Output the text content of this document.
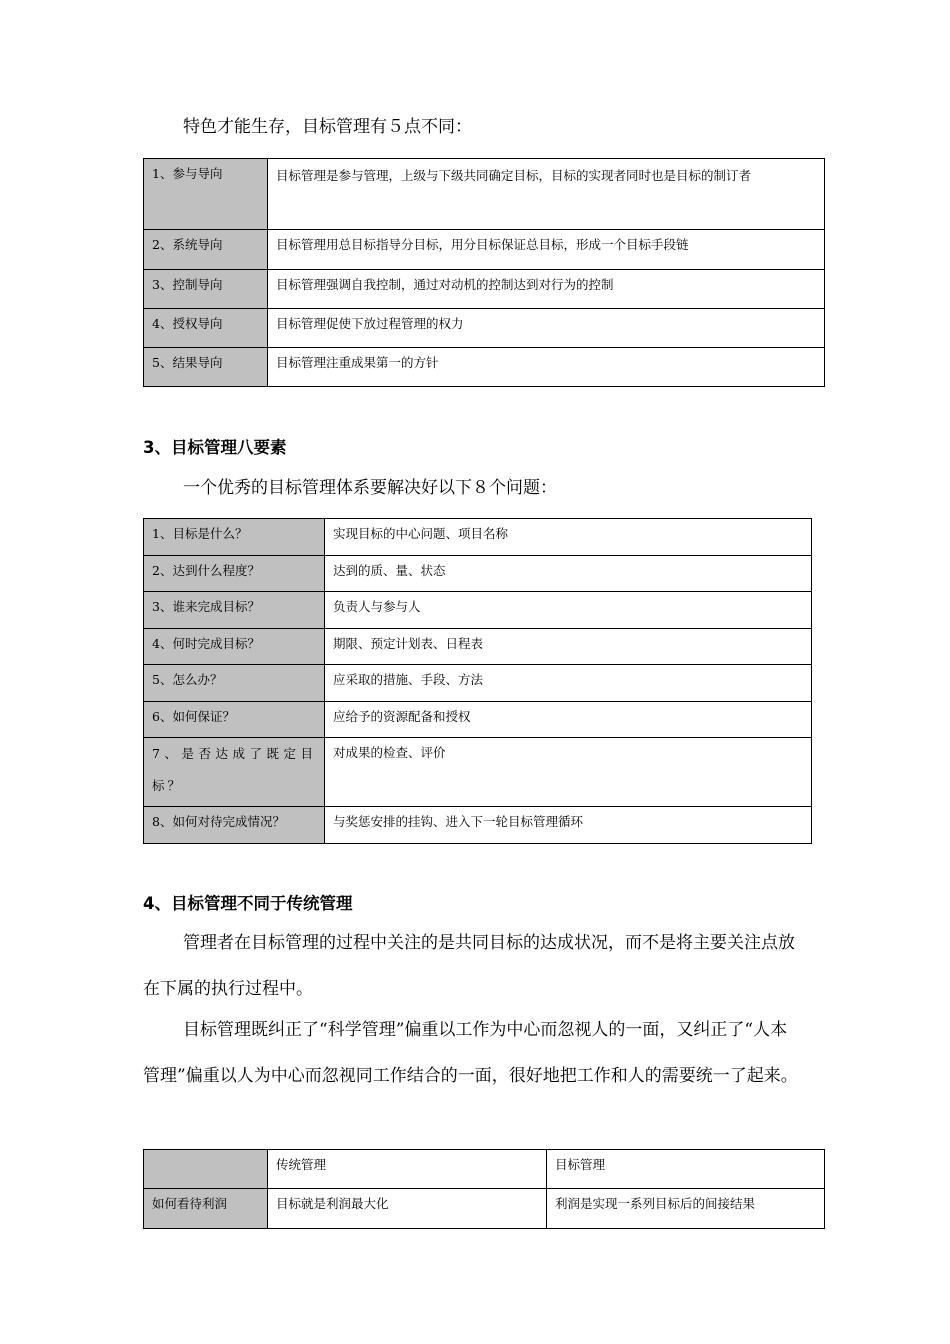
特色才能生存，目标管理有５点不同：
1、参与导向	目标管理是参与管理，上级与下级共同确定目标，目标的实现者同时也是目标的制订者
2、系统导向	目标管理用总目标指导分目标，用分目标保证总目标，形成一个目标手段链
3、控制导向	目标管理强调自我控制，通过对动机的控制达到对行为的控制
4、授权导向	目标管理促使下放过程管理的权力
5、结果导向	目标管理注重成果第一的方针
3、目标管理八要素
一个优秀的目标管理体系要解决好以下８个问题：
1、目标是什么？	实现目标的中心问题、项目名称
2、达到什么程度？	达到的质、量、状态
3、谁来完成目标？	负责人与参与人
4、何时完成目标？	期限、预定计划表、日程表
5、怎么办？	应采取的措施、手段、方法
6、如何保证？	应给予的资源配备和授权
7、是否达成了既定目标？	对成果的检查、评价
8、如何对待完成情况？	与奖惩安排的挂钩、进入下一轮目标管理循环
4、目标管理不同于传统管理
管理者在目标管理的过程中关注的是共同目标的达成状况，而不是将主要关注点放在下属的执行过程中。
目标管理既纠正了“科学管理”偏重以工作为中心而忽视人的一面，又纠正了“人本管理”偏重以人为中心而忽视同工作结合的一面，很好地把工作和人的需要统一了起来。
	传统管理	目标管理
如何看待利润	目标就是利润最大化	利润是实现一系列目标后的间接结果
